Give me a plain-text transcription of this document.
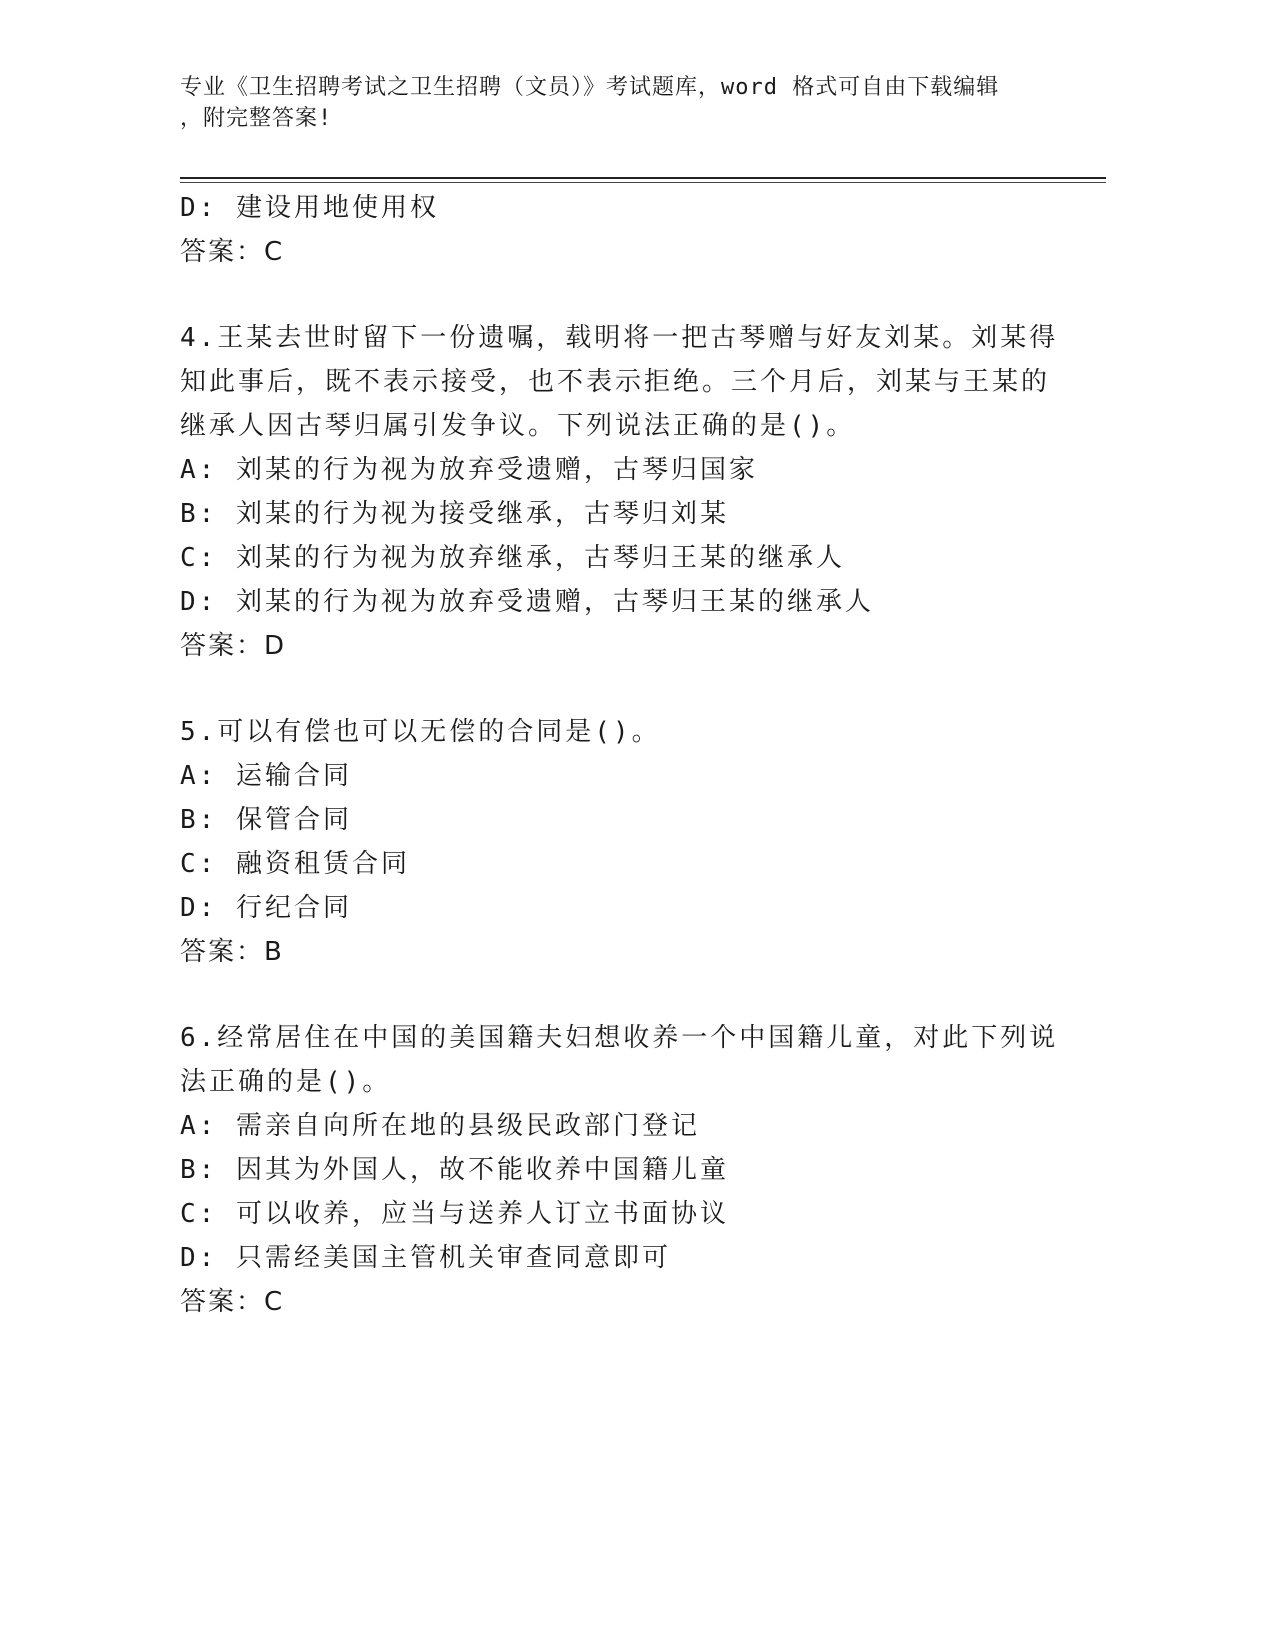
专业《卫生招聘考试之卫生招聘（文员）》考试题库，word 格式可自由下载编辑
，附完整答案!
D: 建设用地使用权
答案：C
4.王某去世时留下一份遗嘱，载明将一把古琴赠与好友刘某。刘某得
知此事后，既不表示接受，也不表示拒绝。三个月后，刘某与王某的
继承人因古琴归属引发争议。下列说法正确的是()。
A: 刘某的行为视为放弃受遗赠，古琴归国家
B: 刘某的行为视为接受继承，古琴归刘某
C: 刘某的行为视为放弃继承，古琴归王某的继承人
D: 刘某的行为视为放弃受遗赠，古琴归王某的继承人
答案：D
5.可以有偿也可以无偿的合同是()。
A: 运输合同
B: 保管合同
C: 融资租赁合同
D: 行纪合同
答案：B
6.经常居住在中国的美国籍夫妇想收养一个中国籍儿童，对此下列说
法正确的是()。
A: 需亲自向所在地的县级民政部门登记
B: 因其为外国人，故不能收养中国籍儿童
C: 可以收养，应当与送养人订立书面协议
D: 只需经美国主管机关审查同意即可
答案：C
